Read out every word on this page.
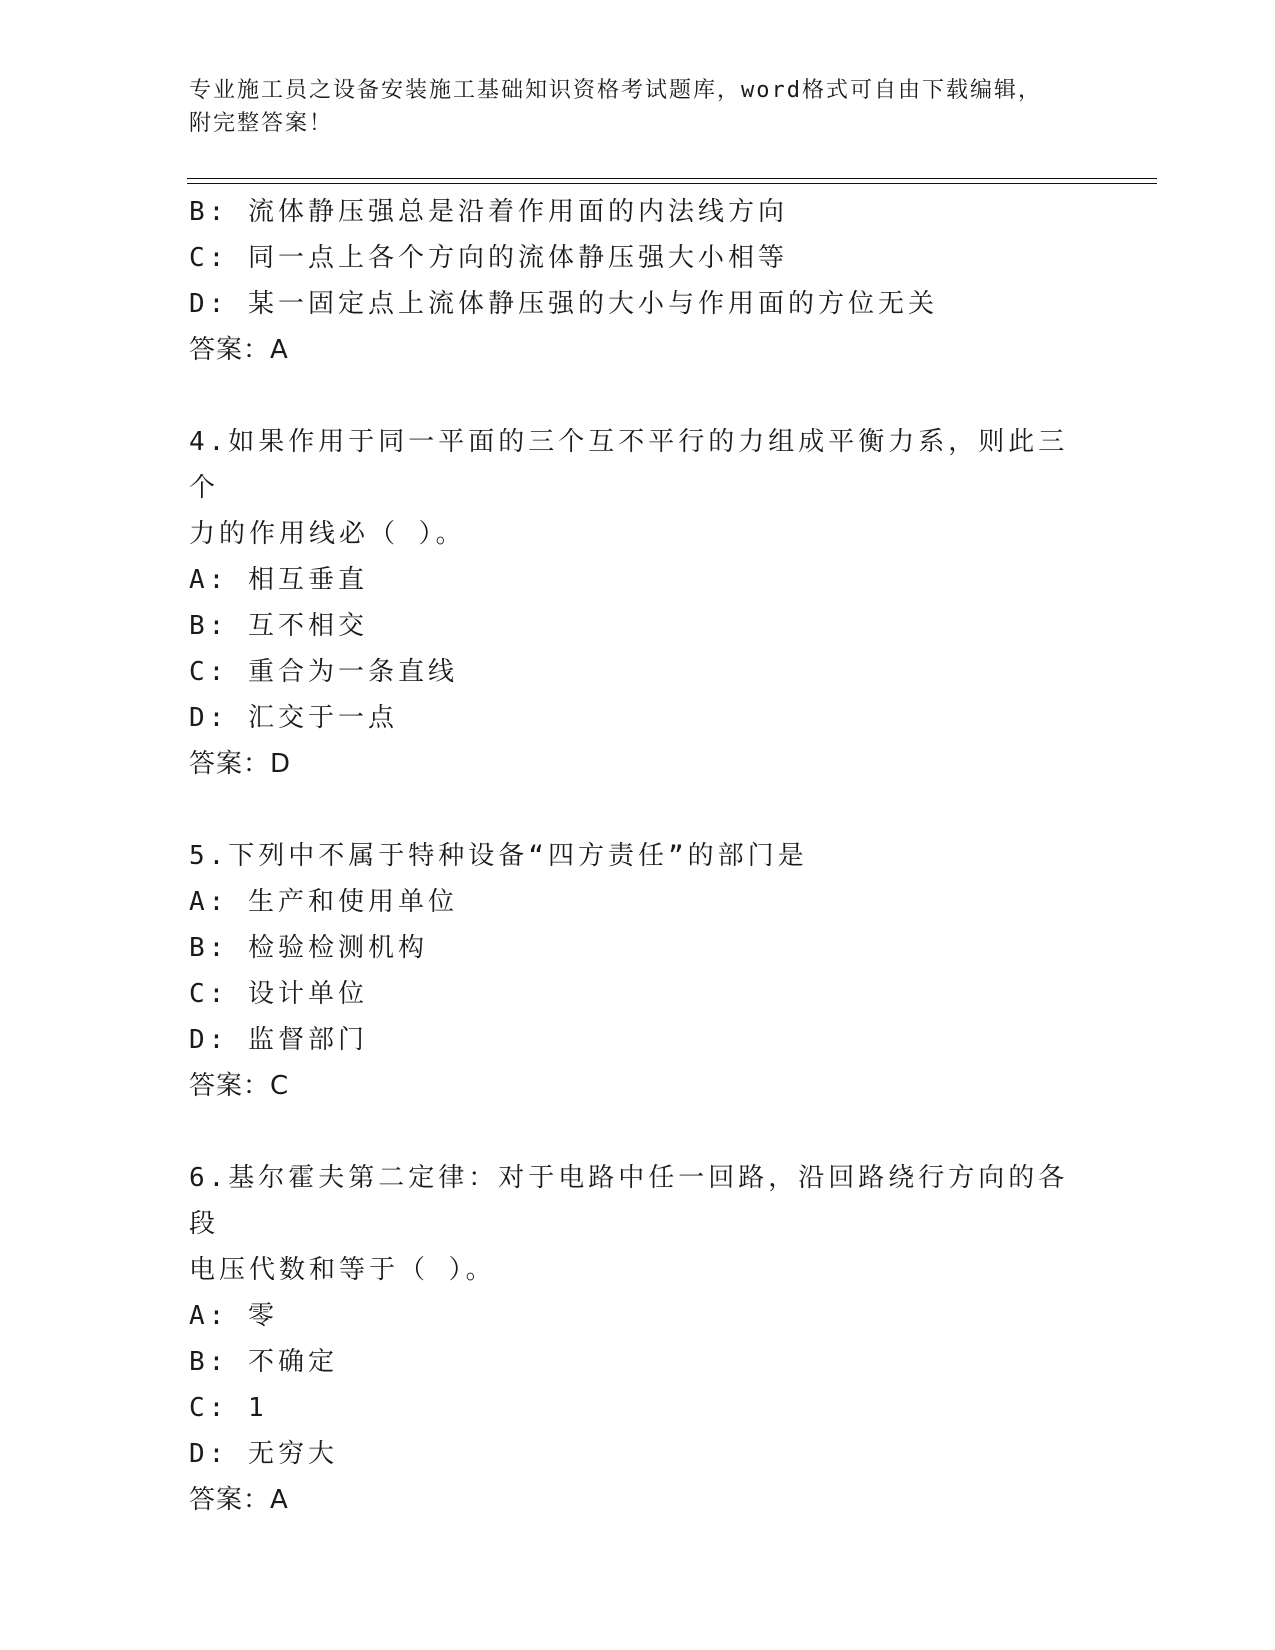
专业施工员之设备安装施工基础知识资格考试题库，word格式可自由下载编辑，
附完整答案！
B: 流体静压强总是沿着作用面的内法线方向
C: 同一点上各个方向的流体静压强大小相等
D: 某一固定点上流体静压强的大小与作用面的方位无关
答案：A
4.如果作用于同一平面的三个互不平行的力组成平衡力系，则此三个
力的作用线必（ ）。
A: 相互垂直
B: 互不相交
C: 重合为一条直线
D: 汇交于一点
答案：D
5.下列中不属于特种设备“四方责任”的部门是
A: 生产和使用单位
B: 检验检测机构
C: 设计单位
D: 监督部门
答案：C
6.基尔霍夫第二定律：对于电路中任一回路，沿回路绕行方向的各段
电压代数和等于（ ）。
A: 零
B: 不确定
C: 1
D: 无穷大
答案：A
